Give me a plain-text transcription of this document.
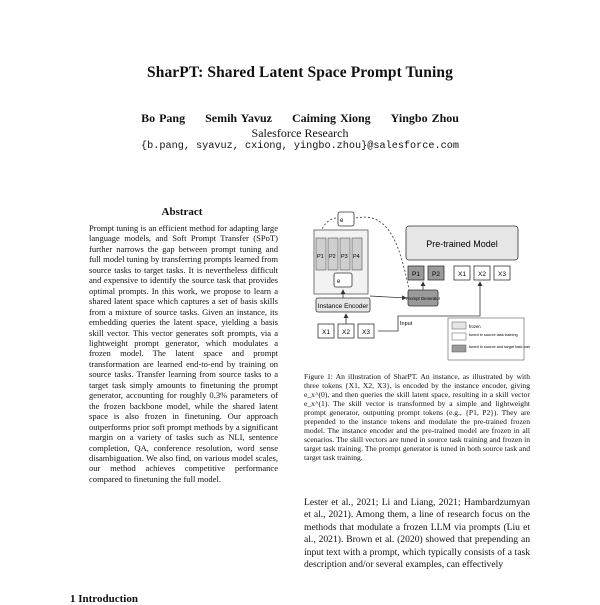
SharPT: Shared Latent Space Prompt Tuning
Bo Pang Semih Yavuz Caiming Xiong Yingbo Zhou
Salesforce Research
{b.pang, syavuz, cxiong, yingbo.zhou}@salesforce.com
Abstract
Prompt tuning is an efficient method for adapting large language models, and Soft Prompt Transfer (SPoT) further narrows the gap between prompt tuning and full model tuning by transferring prompts learned from source tasks to target tasks. It is nevertheless difficult and expensive to identify the source task that provides optimal prompts. In this work, we propose to learn a shared latent space which captures a set of basis skills from a mixture of source tasks. Given an instance, its embedding queries the latent space, yielding a basis skill vector. This vector generates soft prompts, via a lightweight prompt generator, which modulates a frozen model. The latent space and prompt transformation are learned end-to-end by training on source tasks. Transfer learning from source tasks to a target task simply amounts to finetuning the prompt generator, accounting for roughly 0.3% parameters of the frozen backbone model, while the shared latent space is also frozen in finetuning. Our approach outperforms prior soft prompt methods by a significant margin on a variety of tasks such as NLI, sentence completion, QA, conference resolution, word sense disambiguation. We also find, on various model scales, our method achieves competitive performance compared to finetuning the full model.
1 Introduction
e
P1 P2 P3 P4
e
Instance Encoder
X1 X2 X3
Pre-trained Model
P1 P2	X1 X2 X3
Prompt Generator
Input	frozen
tuned in source task training
tuned in source and target task training
Figure 1: An illustration of SharPT. An instance, as illustrated by with three tokens {X1, X2, X3}, is encoded by the instance encoder, giving e_x^(0), and then queries the skill latent space, resulting in a skill vector e_x^(1). The skill vector is transformed by a simple and lightweight prompt generator, outputting prompt tokens (e.g., {P1, P2}). They are prepended to the instance tokens and modulate the pre-trained frozen model. The instance encoder and the pre-trained model are frozen in all scenarios. The skill vectors are tuned in source task training and frozen in target task training. The prompt generator is tuned in both source task and target task training.
Lester et al., 2021; Li and Liang, 2021; Hambardzumyan et al., 2021). Among them, a line of research focus on the methods that modulate a frozen LLM via prompts (Liu et al., 2021). Brown et al. (2020) showed that prepending an input text with a prompt, which typically consists of a task description and/or several examples, can effectively
